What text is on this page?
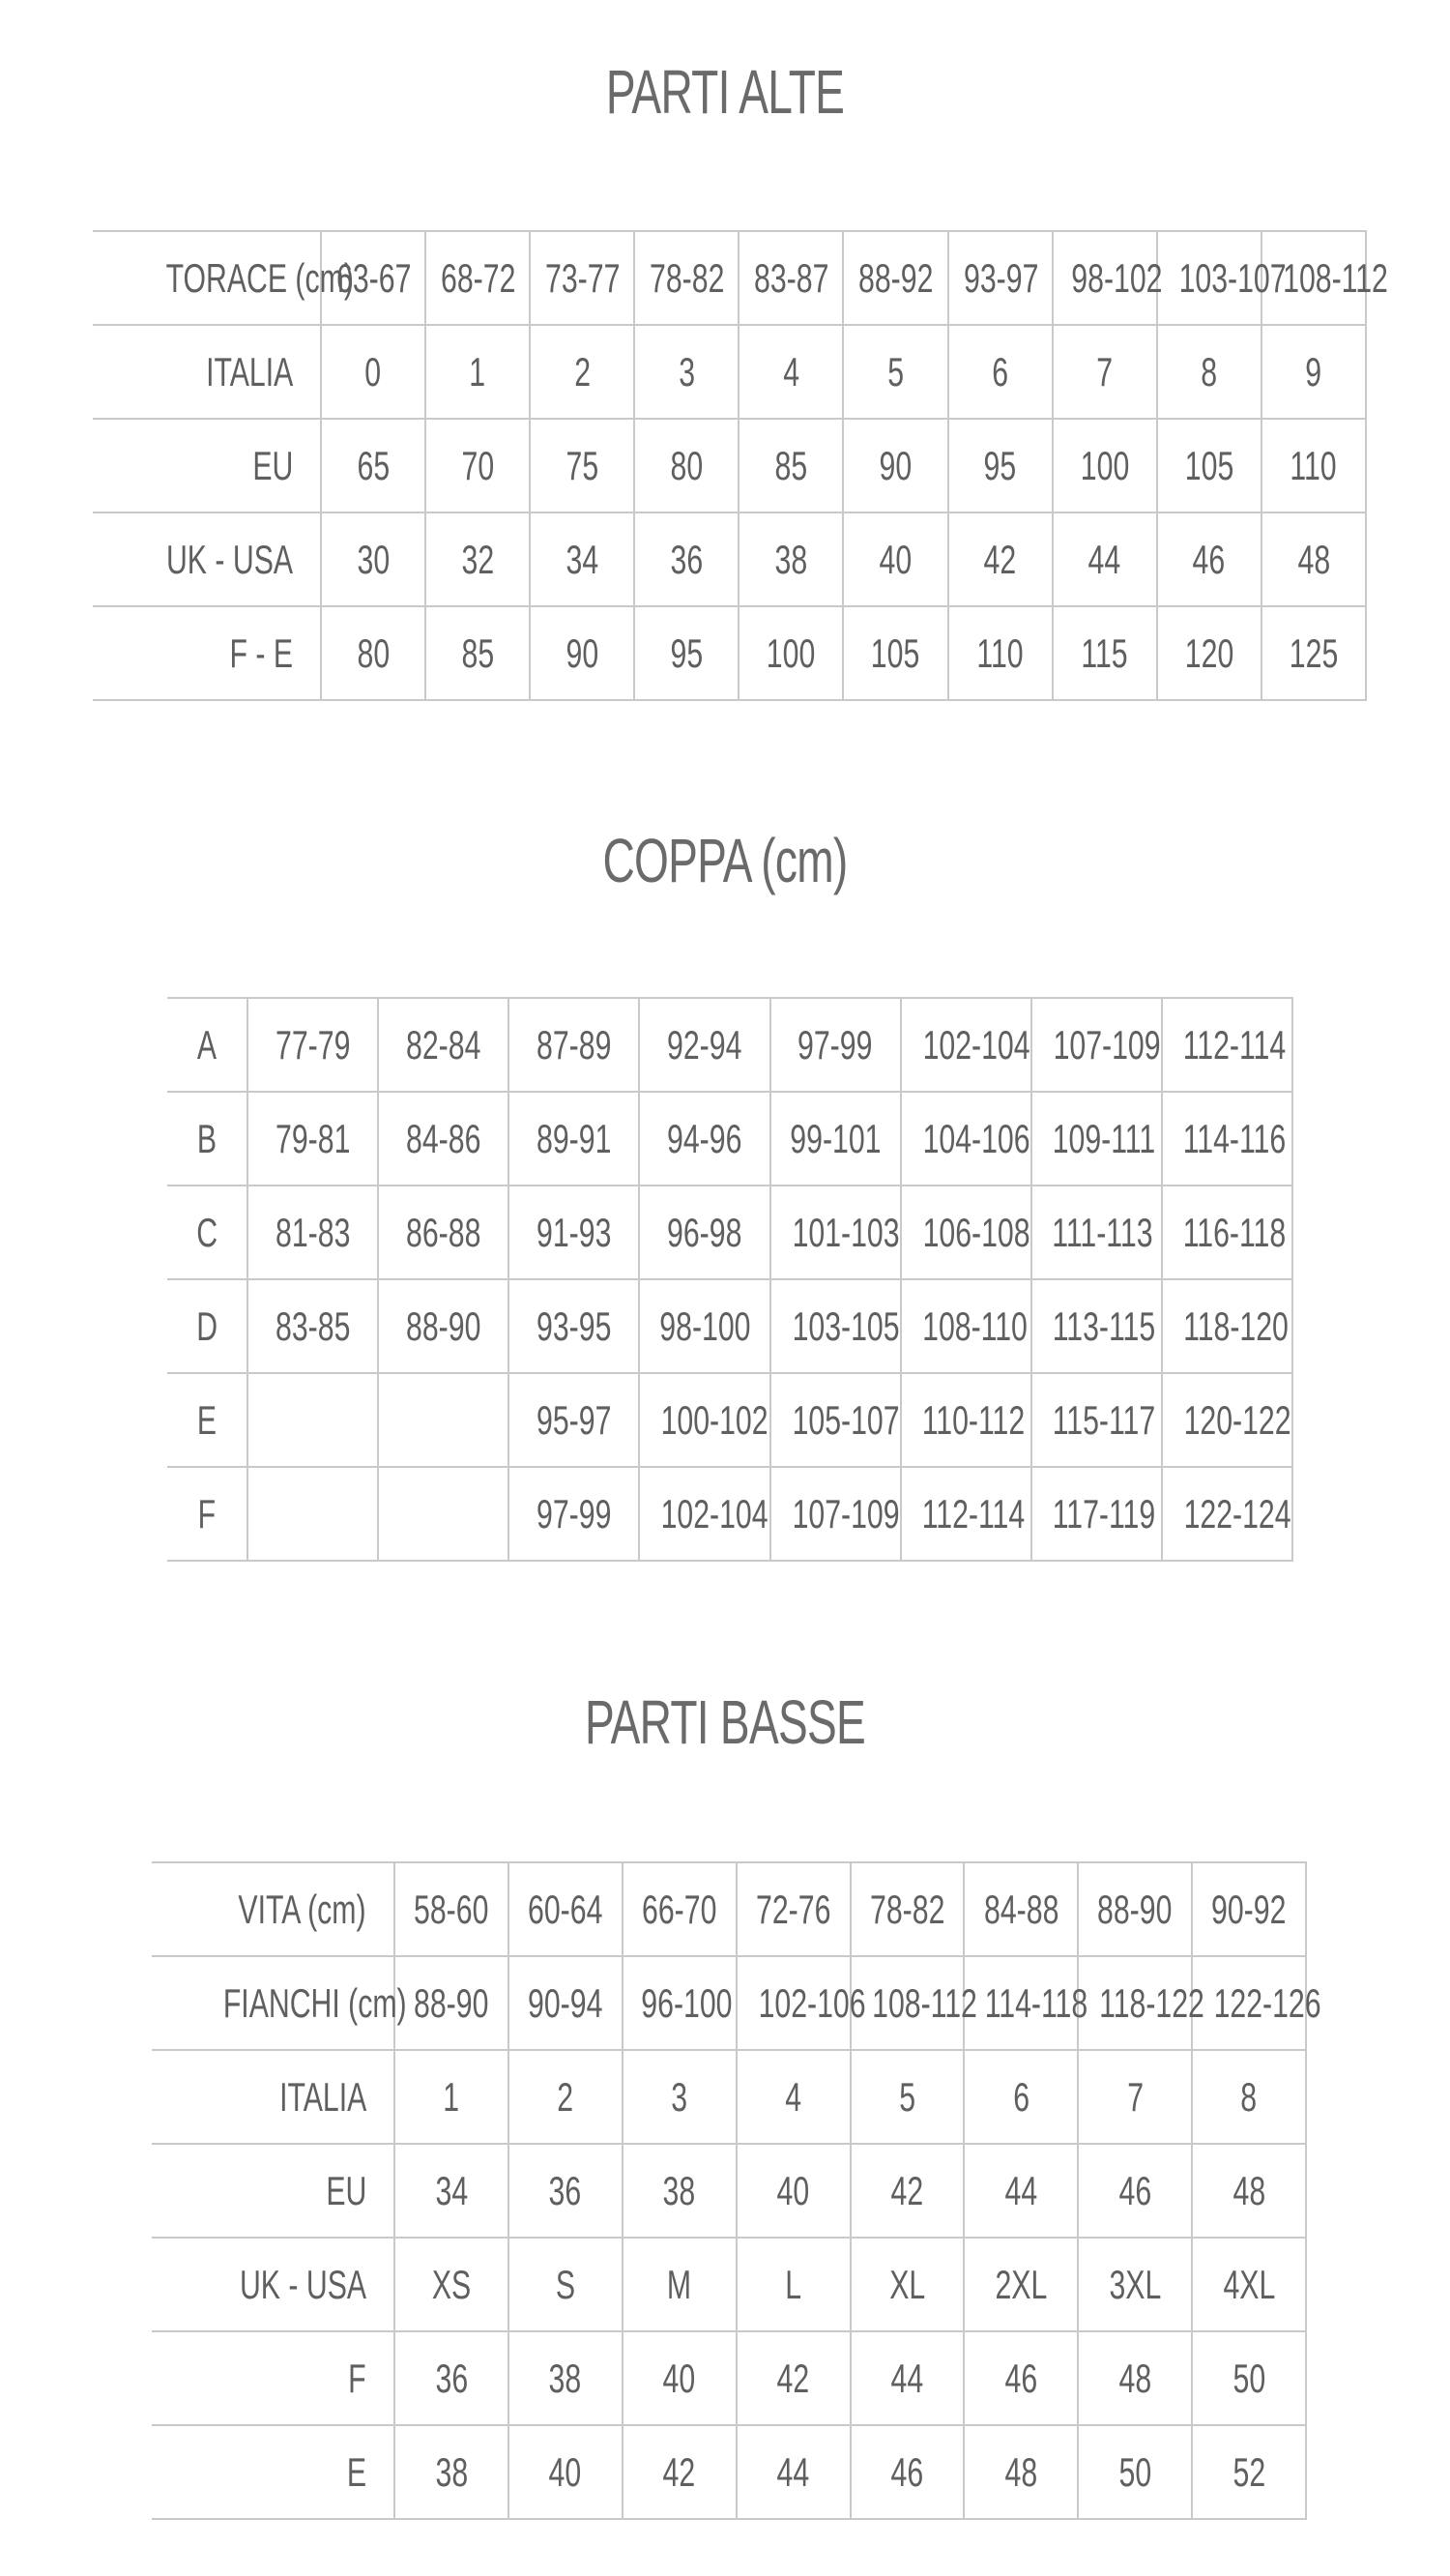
PARTI ALTE
TORACE (cm)	63-67	68-72	73-77	78-82	83-87	88-92	93-97	98-102	103-107	108-112
ITALIA	0	1	2	3	4	5	6	7	8	9
EU	65	70	75	80	85	90	95	100	105	110
UK - USA	30	32	34	36	38	40	42	44	46	48
F - E	80	85	90	95	100	105	110	115	120	125
COPPA (cm)
A	77-79	82-84	87-89	92-94	97-99	102-104	107-109	112-114
B	79-81	84-86	89-91	94-96	99-101	104-106	109-111	114-116
C	81-83	86-88	91-93	96-98	101-103	106-108	111-113	116-118
D	83-85	88-90	93-95	98-100	103-105	108-110	113-115	118-120
E			95-97	100-102	105-107	110-112	115-117	120-122
F			97-99	102-104	107-109	112-114	117-119	122-124
PARTI BASSE
VITA (cm)	58-60	60-64	66-70	72-76	78-82	84-88	88-90	90-92
FIANCHI (cm)	88-90	90-94	96-100	102-106	108-112	114-118	118-122	122-126
ITALIA	1	2	3	4	5	6	7	8
EU	34	36	38	40	42	44	46	48
UK - USA	XS	S	M	L	XL	2XL	3XL	4XL
F	36	38	40	42	44	46	48	50
E	38	40	42	44	46	48	50	52
